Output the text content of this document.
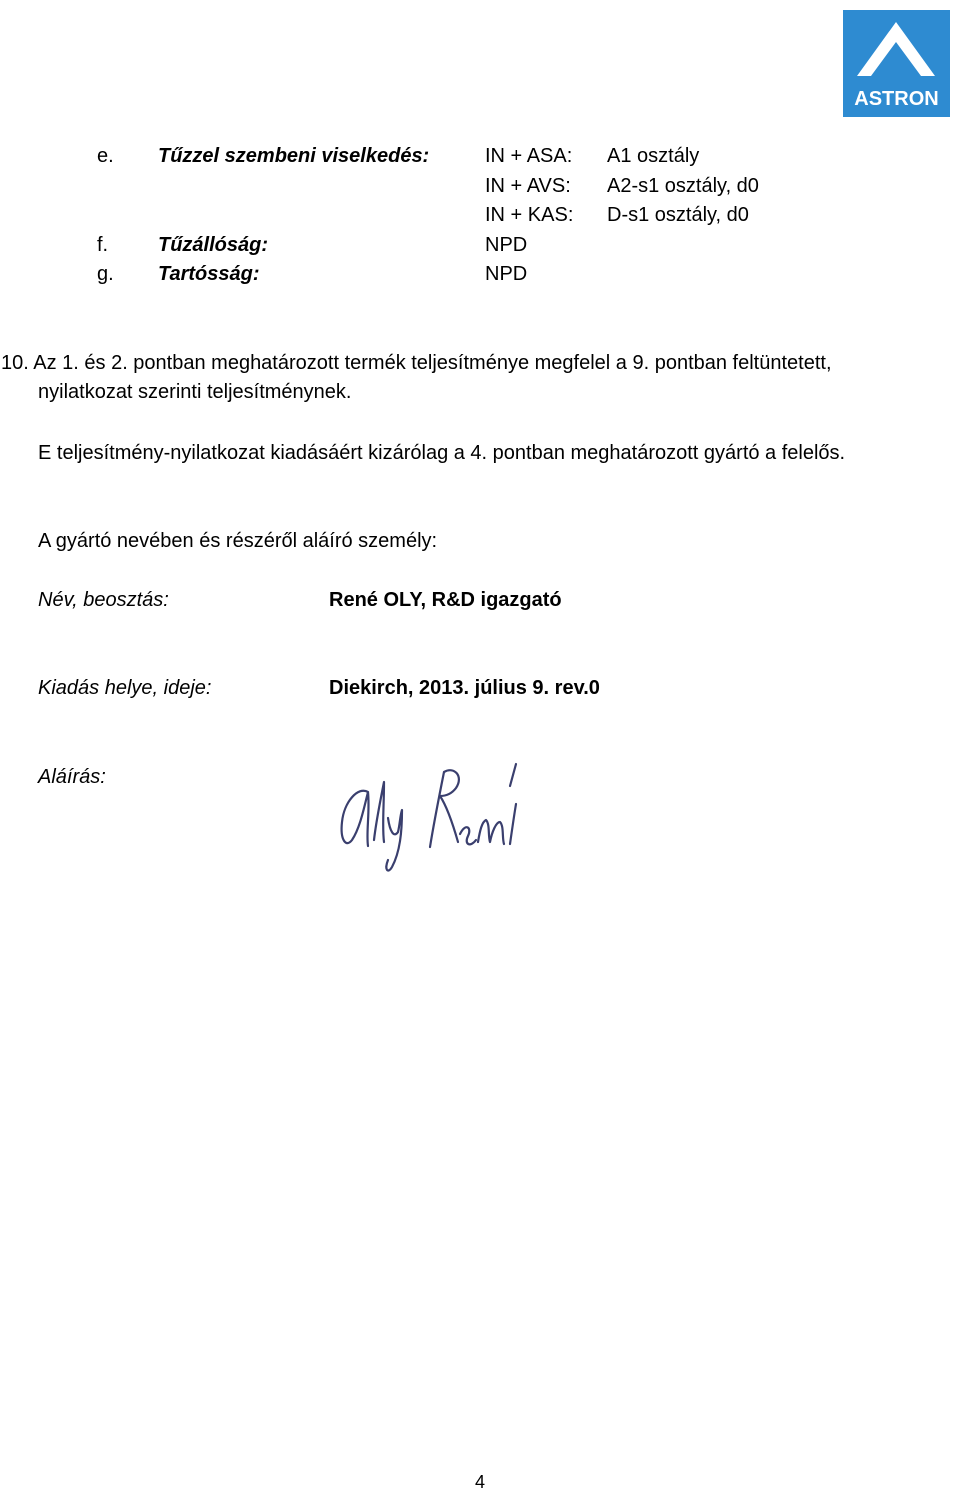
ASTRON
e. Tűzzel szembeni viselkedés:	IN + ASA: A1 osztály
IN + AVS: A2-s1 osztály, d0
IN + KAS: D-s1 osztály, d0
f. Tűzállóság:	NPD
g. Tartósság:	NPD
10. Az 1. és 2. pontban meghatározott termék teljesítménye megfelel a 9. pontban feltüntetett,
nyilatkozat szerinti teljesítménynek.
E teljesítmény-nyilatkozat kiadásáért kizárólag a 4. pontban meghatározott gyártó a felelős.
A gyártó nevében és részéről aláíró személy:
Név, beosztás:	René OLY, R&D igazgató
Kiadás helye, ideje:	Diekirch, 2013. július 9. rev.0
Aláírás:
4
